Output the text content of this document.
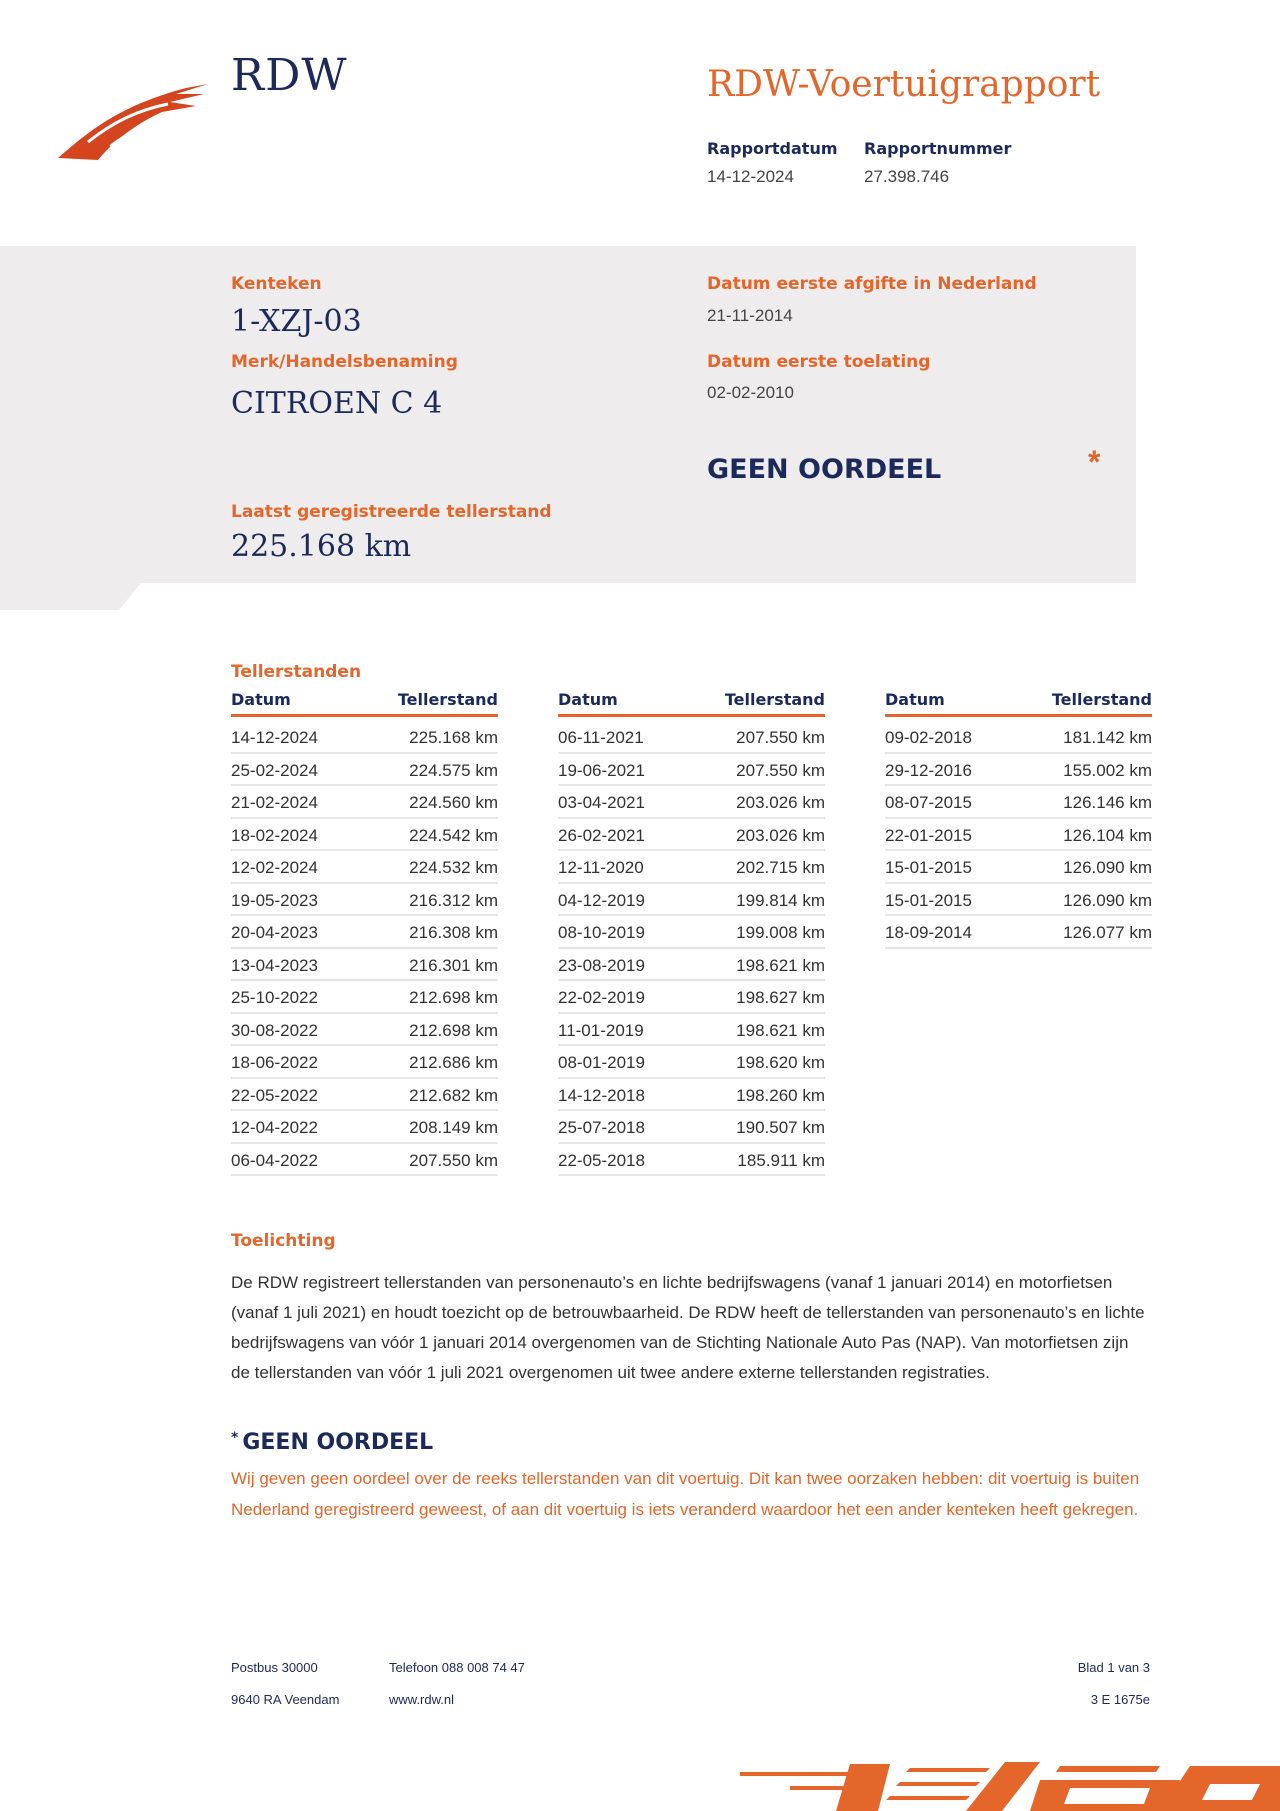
RDW	RDW-Voertuigrapport
Rapportdatum
14-12-2024
Rapportnummer
27.398.746
Kenteken
1-XZJ-03
Merk/Handelsbenaming
CITROEN C 4
Laatst geregistreerde tellerstand
225.168 km
Datum eerste afgifte in Nederland
21-11-2014
Datum eerste toelating
02-02-2010
GEEN OORDEEL	*
Tellerstanden
Datum	Tellerstand
14-12-2024	225.168 km
25-02-2024	224.575 km
21-02-2024	224.560 km
18-02-2024	224.542 km
12-02-2024	224.532 km
19-05-2023	216.312 km
20-04-2023	216.308 km
13-04-2023	216.301 km
25-10-2022	212.698 km
30-08-2022	212.698 km
18-06-2022	212.686 km
22-05-2022	212.682 km
12-04-2022	208.149 km
06-04-2022	207.550 km
Datum	Tellerstand
06-11-2021	207.550 km
19-06-2021	207.550 km
03-04-2021	203.026 km
26-02-2021	203.026 km
12-11-2020	202.715 km
04-12-2019	199.814 km
08-10-2019	199.008 km
23-08-2019	198.621 km
22-02-2019	198.627 km
11-01-2019	198.621 km
08-01-2019	198.620 km
14-12-2018	198.260 km
25-07-2018	190.507 km
22-05-2018	185.911 km
Datum	Tellerstand
09-02-2018	181.142 km
29-12-2016	155.002 km
08-07-2015	126.146 km
22-01-2015	126.104 km
15-01-2015	126.090 km
15-01-2015	126.090 km
18-09-2014	126.077 km
Toelichting
De RDW registreert tellerstanden van personenauto’s en lichte bedrijfswagens (vanaf 1 januari 2014) en motorfietsen (vanaf 1 juli 2021) en houdt toezicht op de betrouwbaarheid. De RDW heeft de tellerstanden van personenauto’s en lichte bedrijfswagens van vóór 1 januari 2014 overgenomen van de Stichting Nationale Auto Pas (NAP). Van motorfietsen zijn de tellerstanden van vóór 1 juli 2021 overgenomen uit twee andere externe tellerstanden registraties.
* GEEN OORDEEL
Wij geven geen oordeel over de reeks tellerstanden van dit voertuig. Dit kan twee oorzaken hebben: dit voertuig is buiten Nederland geregistreerd geweest, of aan dit voertuig is iets veranderd waardoor het een ander kenteken heeft gekregen.
Postbus 30000
9640 RA Veendam
Telefoon 088 008 74 47
www.rdw.nl
Blad 1 van 3
3 E 1675e
